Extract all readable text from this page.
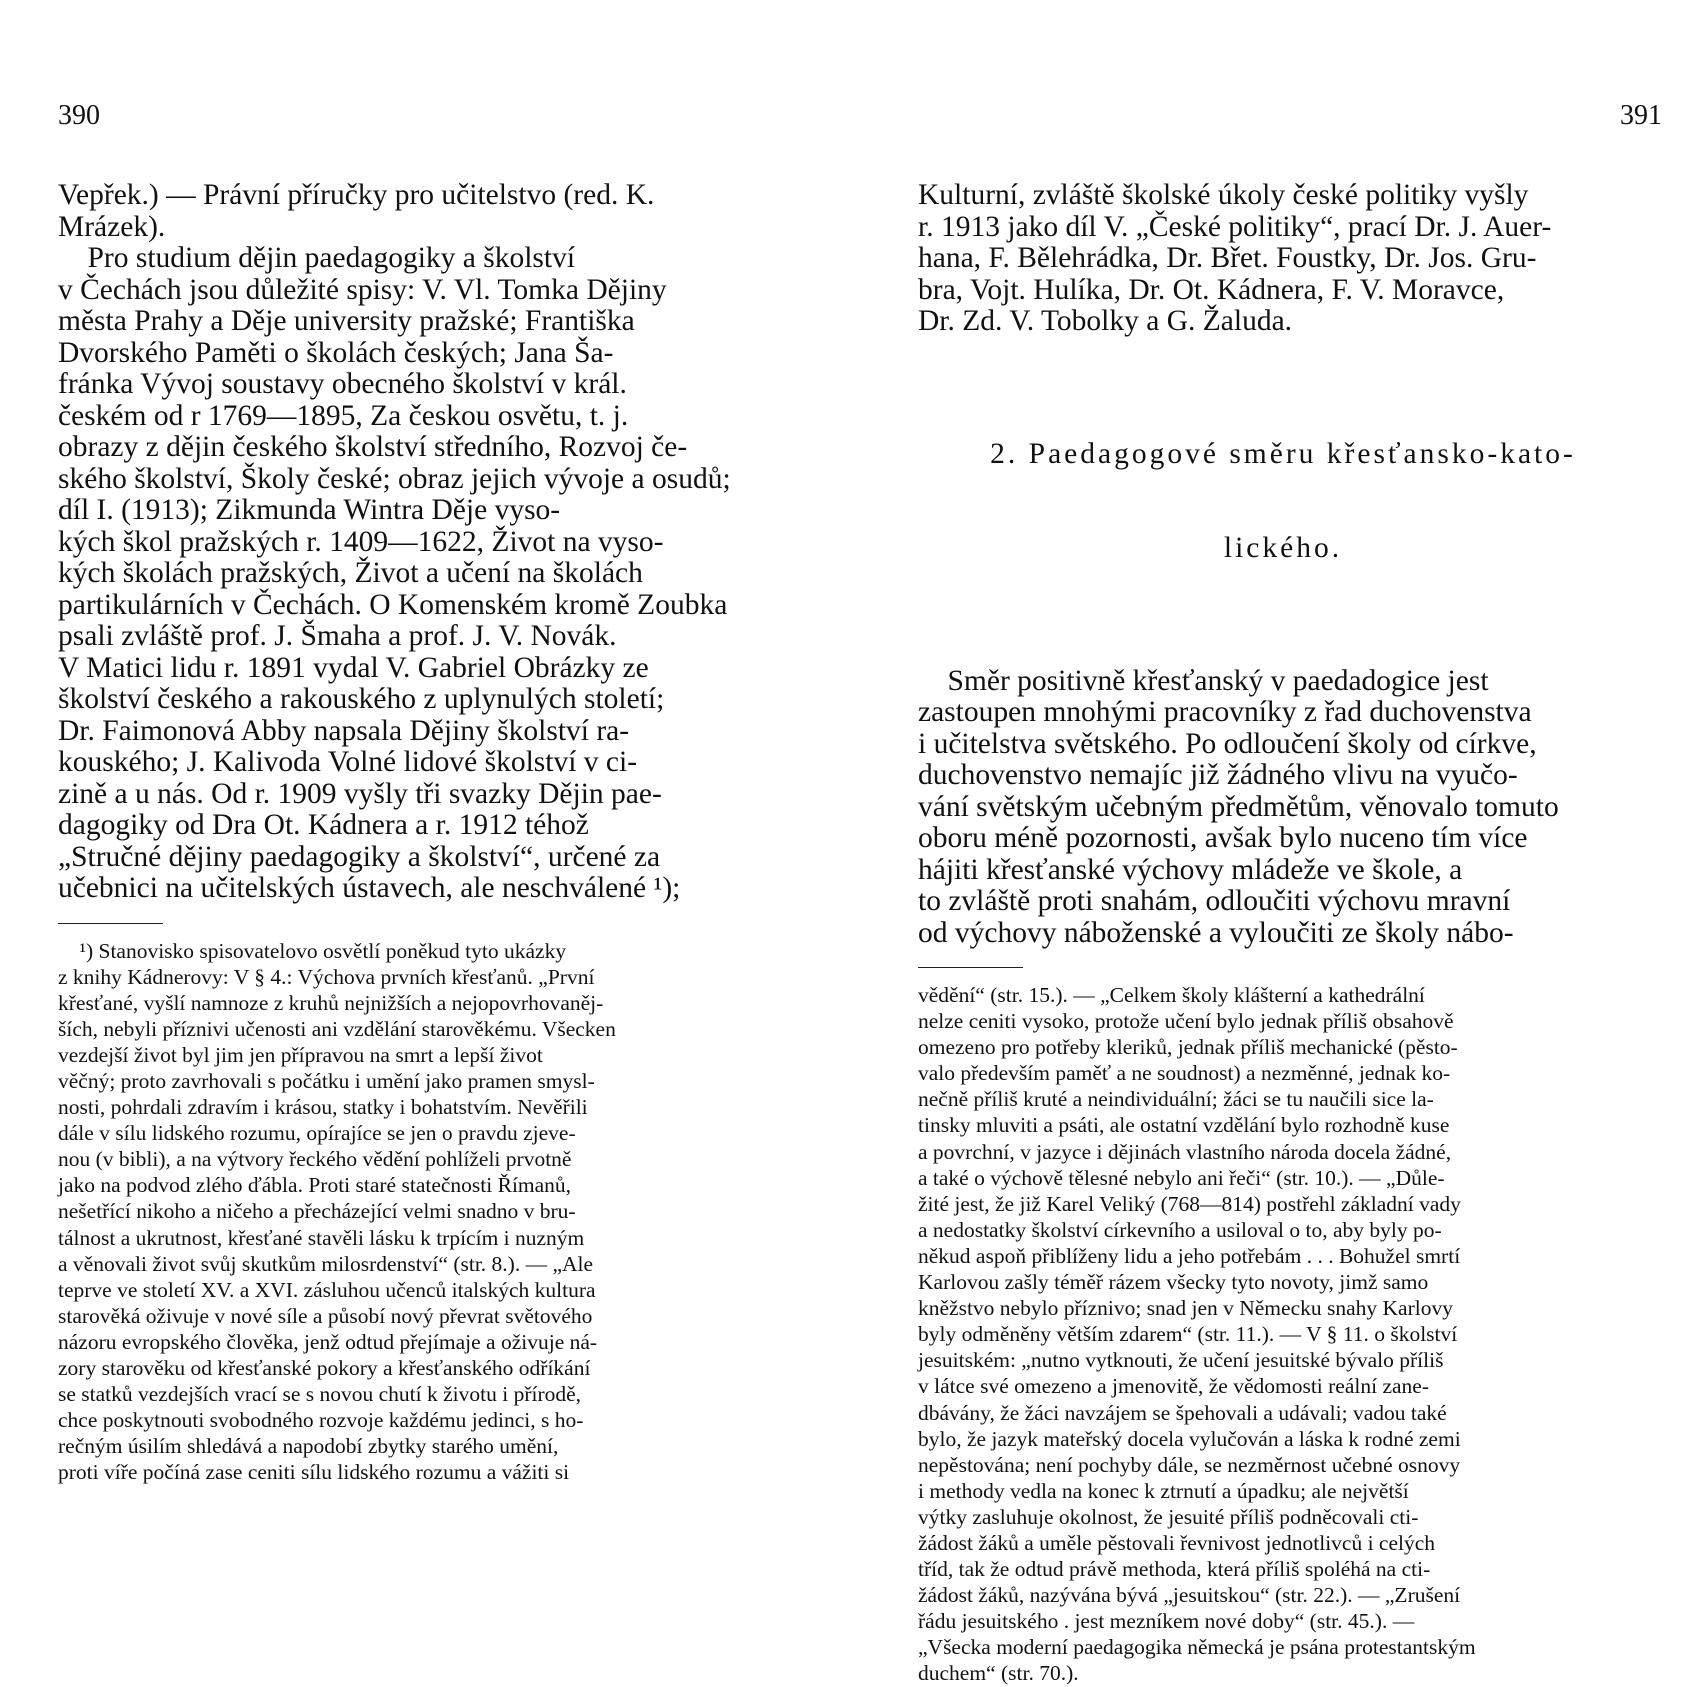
390	391
Vepřek.) — Právní příručky pro učitelstvo (red. K.
Mrázek).
Pro studium dějin paedagogiky a školství
v Čechách jsou důležité spisy: V. Vl. Tomka Dějiny
města Prahy a Děje university pražské; Františka
Dvorského Paměti o školách českých; Jana Ša-
fránka Vývoj soustavy obecného školství v král.
českém od r 1769—1895, Za českou osvětu, t. j.
obrazy z dějin českého školství středního, Rozvoj če-
ského školství, Školy české; obraz jejich vývoje a osudů;
díl I. (1913); Zikmunda Wintra Děje vyso-
kých škol pražských r. 1409—1622, Život na vyso-
kých školách pražských, Život a učení na školách
partikulárních v Čechách. O Komenském kromě Zoubka
psali zvláště prof. J. Šmaha a prof. J. V. Novák.
V Matici lidu r. 1891 vydal V. Gabriel Obrázky ze
školství českého a rakouského z uplynulých století;
Dr. Faimonová Abby napsala Dějiny školství ra-
kouského; J. Kalivoda Volné lidové školství v ci-
zině a u nás. Od r. 1909 vyšly tři svazky Dějin pae-
dagogiky od Dra Ot. Kádnera a r. 1912 téhož
„Stručné dějiny paedagogiky a školství“, určené za
učebnici na učitelských ústavech, ale neschválené ¹);
¹) Stanovisko spisovatelovo osvětlí poněkud tyto ukázky
z knihy Kádnerovy: V § 4.: Výchova prvních křesťanů. „První
křesťané, vyšlí namnoze z kruhů nejnižších a nejopovrhovaněj-
ších, nebyli příznivi učenosti ani vzdělání starověkému. Všecken
vezdejší život byl jim jen přípravou na smrt a lepší život
věčný; proto zavrhovali s počátku i umění jako pramen smysl-
nosti, pohrdali zdravím i krásou, statky i bohatstvím. Nevěřili
dále v sílu lidského rozumu, opírajíce se jen o pravdu zjeve-
nou (v bibli), a na výtvory řeckého vědění pohlíželi prvotně
jako na podvod zlého ďábla. Proti staré statečnosti Římanů,
nešetřící nikoho a ničeho a přecházející velmi snadno v bru-
tálnost a ukrutnost, křesťané stavěli lásku k trpícím i nuzným
a věnovali život svůj skutkům milosrdenství“ (str. 8.). — „Ale
teprve ve století XV. a XVI. zásluhou učenců italských kultura
starověká oživuje v nové síle a působí nový převrat světového
názoru evropského člověka, jenž odtud přejímaje a oživuje ná-
zory starověku od křesťanské pokory a křesťanského odříkání
se statků vezdejších vrací se s novou chutí k životu i přírodě,
chce poskytnouti svobodného rozvoje každému jedinci, s ho-
rečným úsilím shledává a napodobí zbytky starého umění,
proti víře počíná zase ceniti sílu lidského rozumu a vážiti si
Kulturní, zvláště školské úkoly české politiky vyšly
r. 1913 jako díl V. „České politiky“, prací Dr. J. Auer-
hana, F. Bělehrádka, Dr. Břet. Foustky, Dr. Jos. Gru-
bra, Vojt. Hulíka, Dr. Ot. Kádnera, F. V. Moravce,
Dr. Zd. V. Tobolky a G. Žaluda.

2. Paedagogové směru křesťansko-kato-

lického.

Směr positivně křesťanský v paedadogice jest
zastoupen mnohými pracovníky z řad duchovenstva
i učitelstva světského. Po odloučení školy od církve,
duchovenstvo nemajíc již žádného vlivu na vyučo-
vání světským učebným předmětům, věnovalo tomuto
oboru méně pozornosti, avšak bylo nuceno tím více
hájiti křesťanské výchovy mládeže ve škole, a
to zvláště proti snahám, odloučiti výchovu mravní
od výchovy náboženské a vyloučiti ze školy nábo-
vědění“ (str. 15.). — „Celkem školy klášterní a kathedrální
nelze ceniti vysoko, protože učení bylo jednak příliš obsahově
omezeno pro potřeby kleriků, jednak příliš mechanické (pěsto-
valo především paměť a ne soudnost) a nezměnné, jednak ko-
nečně příliš kruté a neindividuální; žáci se tu naučili sice la-
tinsky mluviti a psáti, ale ostatní vzdělání bylo rozhodně kuse
a povrchní, v jazyce i dějinách vlastního národa docela žádné,
a také o výchově tělesné nebylo ani řeči“ (str. 10.). — „Důle-
žité jest, že již Karel Veliký (768—814) postřehl základní vady
a nedostatky školství církevního a usiloval o to, aby byly po-
někud aspoň přiblíženy lidu a jeho potřebám . . . Bohužel smrtí
Karlovou zašly téměř rázem všecky tyto novoty, jimž samo
kněžstvo nebylo příznivo; snad jen v Německu snahy Karlovy
byly odměněny větším zdarem“ (str. 11.). — V § 11. o školství
jesuitském: „nutno vytknouti, že učení jesuitské bývalo příliš
v látce své omezeno a jmenovitě, že vědomosti reální zane-
dbávány, že žáci navzájem se špehovali a udávali; vadou také
bylo, že jazyk mateřský docela vylučován a láska k rodné zemi
nepěstována; není pochyby dále, se nezměrnost učebné osnovy
i methody vedla na konec k ztrnutí a úpadku; ale největší
výtky zasluhuje okolnost, že jesuité příliš podněcovali cti-
žádost žáků a uměle pěstovali řevnivost jednotlivců i celých
tříd, tak že odtud právě methoda, která příliš spoléhá na cti-
žádost žáků, nazývána bývá „jesuitskou“ (str. 22.). — „Zrušení
řádu jesuitského . jest mezníkem nové doby“ (str. 45.). —
„Všecka moderní paedagogika německá je psána protestantským
duchem“ (str. 70.).
